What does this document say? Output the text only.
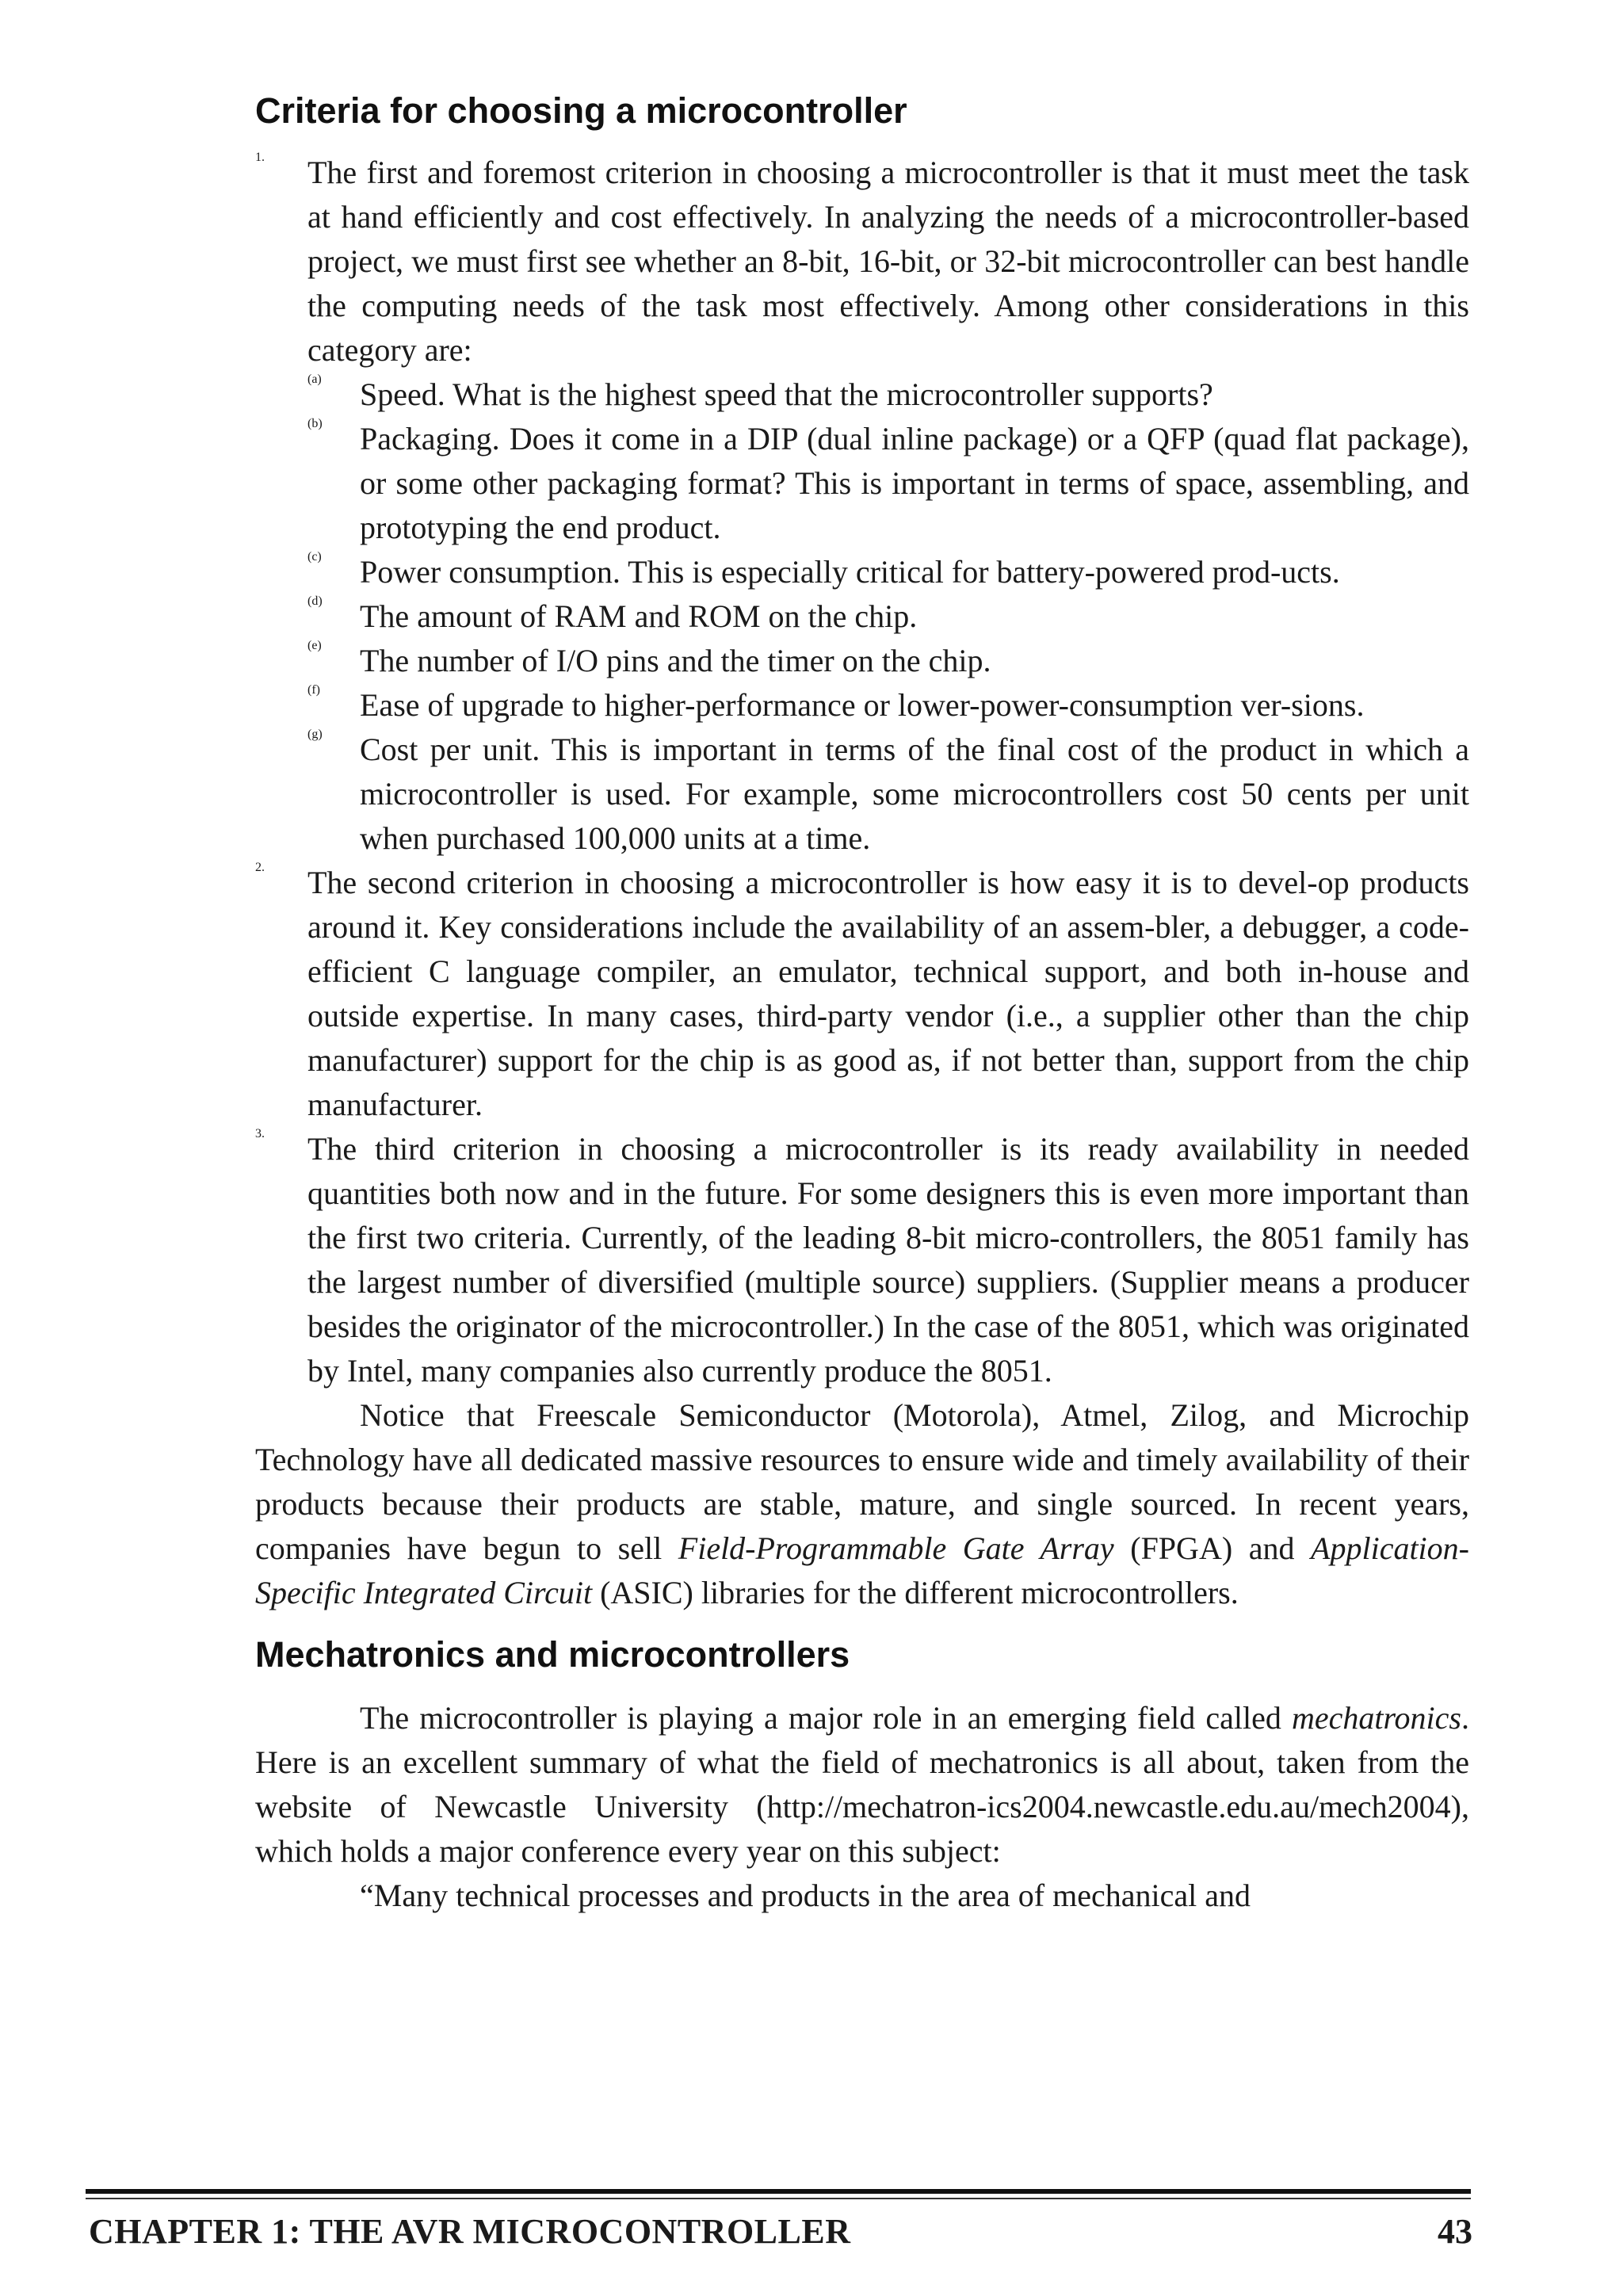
Criteria for choosing a microcontroller
1. The first and foremost criterion in choosing a microcontroller is that it must meet the task at hand efficiently and cost effectively. In analyzing the needs of a microcontroller-based project, we must first see whether an 8-bit, 16-bit, or 32-bit microcontroller can best handle the computing needs of the task most effectively. Among other considerations in this category are:

(a) Speed. What is the highest speed that the microcontroller supports?

(b) Packaging. Does it come in a DIP (dual inline package) or a QFP (quad flat package), or some other packaging format? This is important in terms of space, assembling, and prototyping the end product.

(c) Power consumption. This is especially critical for battery-powered prod-ucts.

(d) The amount of RAM and ROM on the chip.

(e) The number of I/O pins and the timer on the chip.

(f) Ease of upgrade to higher-performance or lower-power-consumption ver-sions.

(g) Cost per unit. This is important in terms of the final cost of the product in which a microcontroller is used. For example, some microcontrollers cost 50 cents per unit when purchased 100,000 units at a time.

2. The second criterion in choosing a microcontroller is how easy it is to devel-op products around it. Key considerations include the availability of an assem-bler, a debugger, a code-efficient C language compiler, an emulator, technical support, and both in-house and outside expertise. In many cases, third-party vendor (i.e., a supplier other than the chip manufacturer) support for the chip is as good as, if not better than, support from the chip manufacturer.

3. The third criterion in choosing a microcontroller is its ready availability in needed quantities both now and in the future. For some designers this is even more important than the first two criteria. Currently, of the leading 8-bit micro-controllers, the 8051 family has the largest number of diversified (multiple source) suppliers. (Supplier means a producer besides the originator of the microcontroller.) In the case of the 8051, which was originated by Intel, many companies also currently produce the 8051.

Notice that Freescale Semiconductor (Motorola), Atmel, Zilog, and Microchip Technology have all dedicated massive resources to ensure wide and timely availability of their products because their products are stable, mature, and single sourced. In recent years, companies have begun to sell Field-Programmable Gate Array (FPGA) and Application-Specific Integrated Circuit (ASIC) libraries for the different microcontrollers.

Mechatronics and microcontrollers

The microcontroller is playing a major role in an emerging field called mechatronics. Here is an excellent summary of what the field of mechatronics is all about, taken from the website of Newcastle University (http://mechatron-ics2004.newcastle.edu.au/mech2004), which holds a major conference every year on this subject:

“Many technical processes and products in the area of mechanical and

CHAPTER 1: THE AVR MICROCONTROLLER	43
